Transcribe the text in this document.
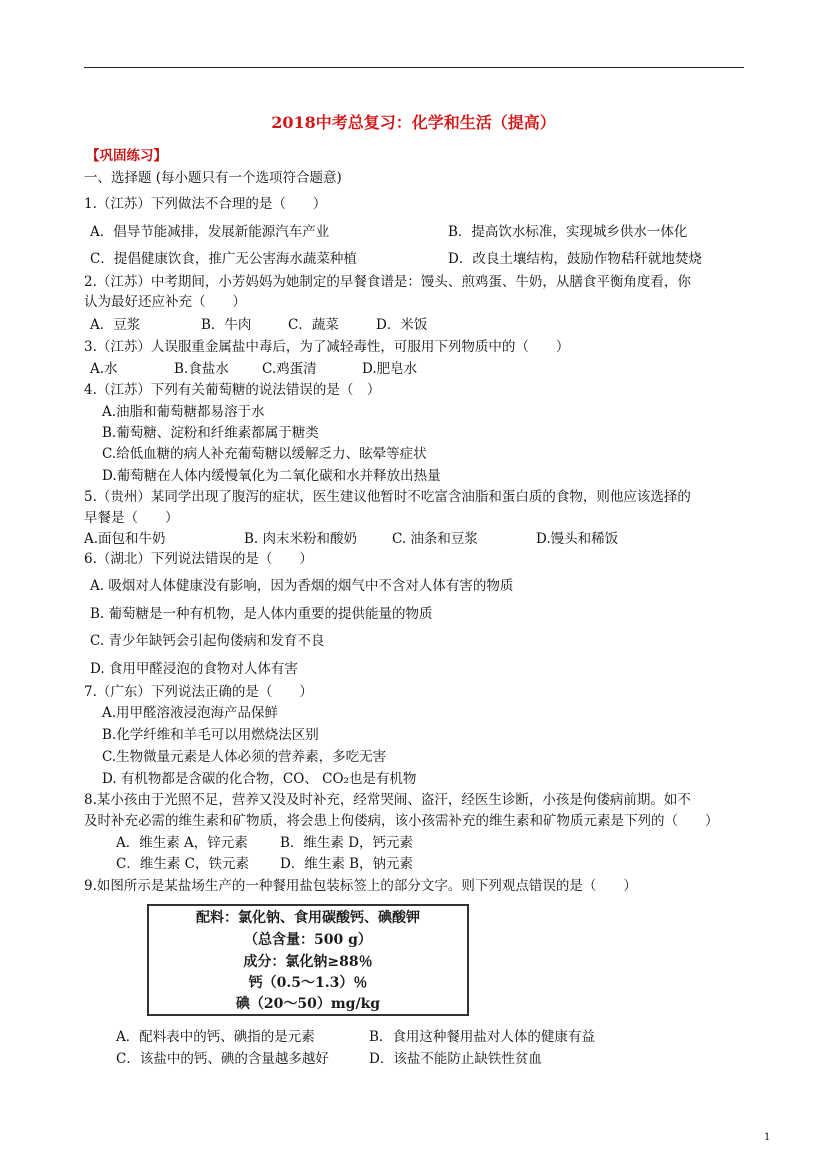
2018中考总复习：化学和生活（提高）
【巩固练习】
一、选择题 (每小题只有一个选项符合题意)
1.（江苏）下列做法不合理的是（　　）
A．倡导节能减排，发展新能源汽车产业	B．提高饮水标准，实现城乡供水一体化
C．提倡健康饮食，推广无公害海水蔬菜种植	D．改良土壤结构，鼓励作物秸秆就地焚烧
2.（江苏）中考期间，小芳妈妈为她制定的早餐食谱是：馒头、煎鸡蛋、牛奶，从膳食平衡角度看，你
认为最好还应补充（　　）
A．豆浆	B．牛肉	C．蔬菜	D．米饭
3.（江苏）人误服重金属盐中毒后，为了减轻毒性，可服用下列物质中的（　　）
A.水	B.食盐水 C.鸡蛋清	D.肥皂水
4.（江苏）下列有关葡萄糖的说法错误的是（　）
A.油脂和葡萄糖都易溶于水
B.葡萄糖、淀粉和纤维素都属于糖类
C.给低血糖的病人补充葡萄糖以缓解乏力、眩晕等症状
D.葡萄糖在人体内缓慢氧化为二氧化碳和水并释放出热量
5.（贵州）某同学出现了腹泻的症状，医生建议他暂时不吃富含油脂和蛋白质的食物，则他应该选择的
早餐是（　　）
A.面包和牛奶	B. 肉末米粉和酸奶	C. 油条和豆浆	D.馒头和稀饭
6.（湖北）下列说法错误的是（　　）
A. 吸烟对人体健康没有影响，因为香烟的烟气中不含对人体有害的物质
B. 葡萄糖是一种有机物，是人体内重要的提供能量的物质
C. 青少年缺钙会引起佝偻病和发育不良
D. 食用甲醛浸泡的食物对人体有害
7.（广东）下列说法正确的是（　　）
A.用甲醛溶液浸泡海产品保鲜
B.化学纤维和羊毛可以用燃烧法区别
C.生物微量元素是人体必须的营养素，多吃无害
D. 有机物都是含碳的化合物，CO、 CO₂也是有机物
8.某小孩由于光照不足，营养又没及时补充，经常哭闹、盗汗，经医生诊断，小孩是佝偻病前期。如不
及时补充必需的维生素和矿物质，将会患上佝偻病，该小孩需补充的维生素和矿物质元素是下列的（　　）
A．维生素 A，锌元素 B．维生素 D，钙元素
C．维生素 C，铁元素 D．维生素 B，钠元素
9.如图所示是某盐场生产的一种餐用盐包装标签上的部分文字。则下列观点错误的是（　　）
配料：氯化钠、食用碳酸钙、碘酸钾
（总含量：500 g）
成分：氯化钠≥88％
钙（0.5～1.3）％
碘（20～50）mg/kg
A．配料表中的钙、碘指的是元素	B．食用这种餐用盐对人体的健康有益
C．该盐中的钙、碘的含量越多越好	D．该盐不能防止缺铁性贫血
1
